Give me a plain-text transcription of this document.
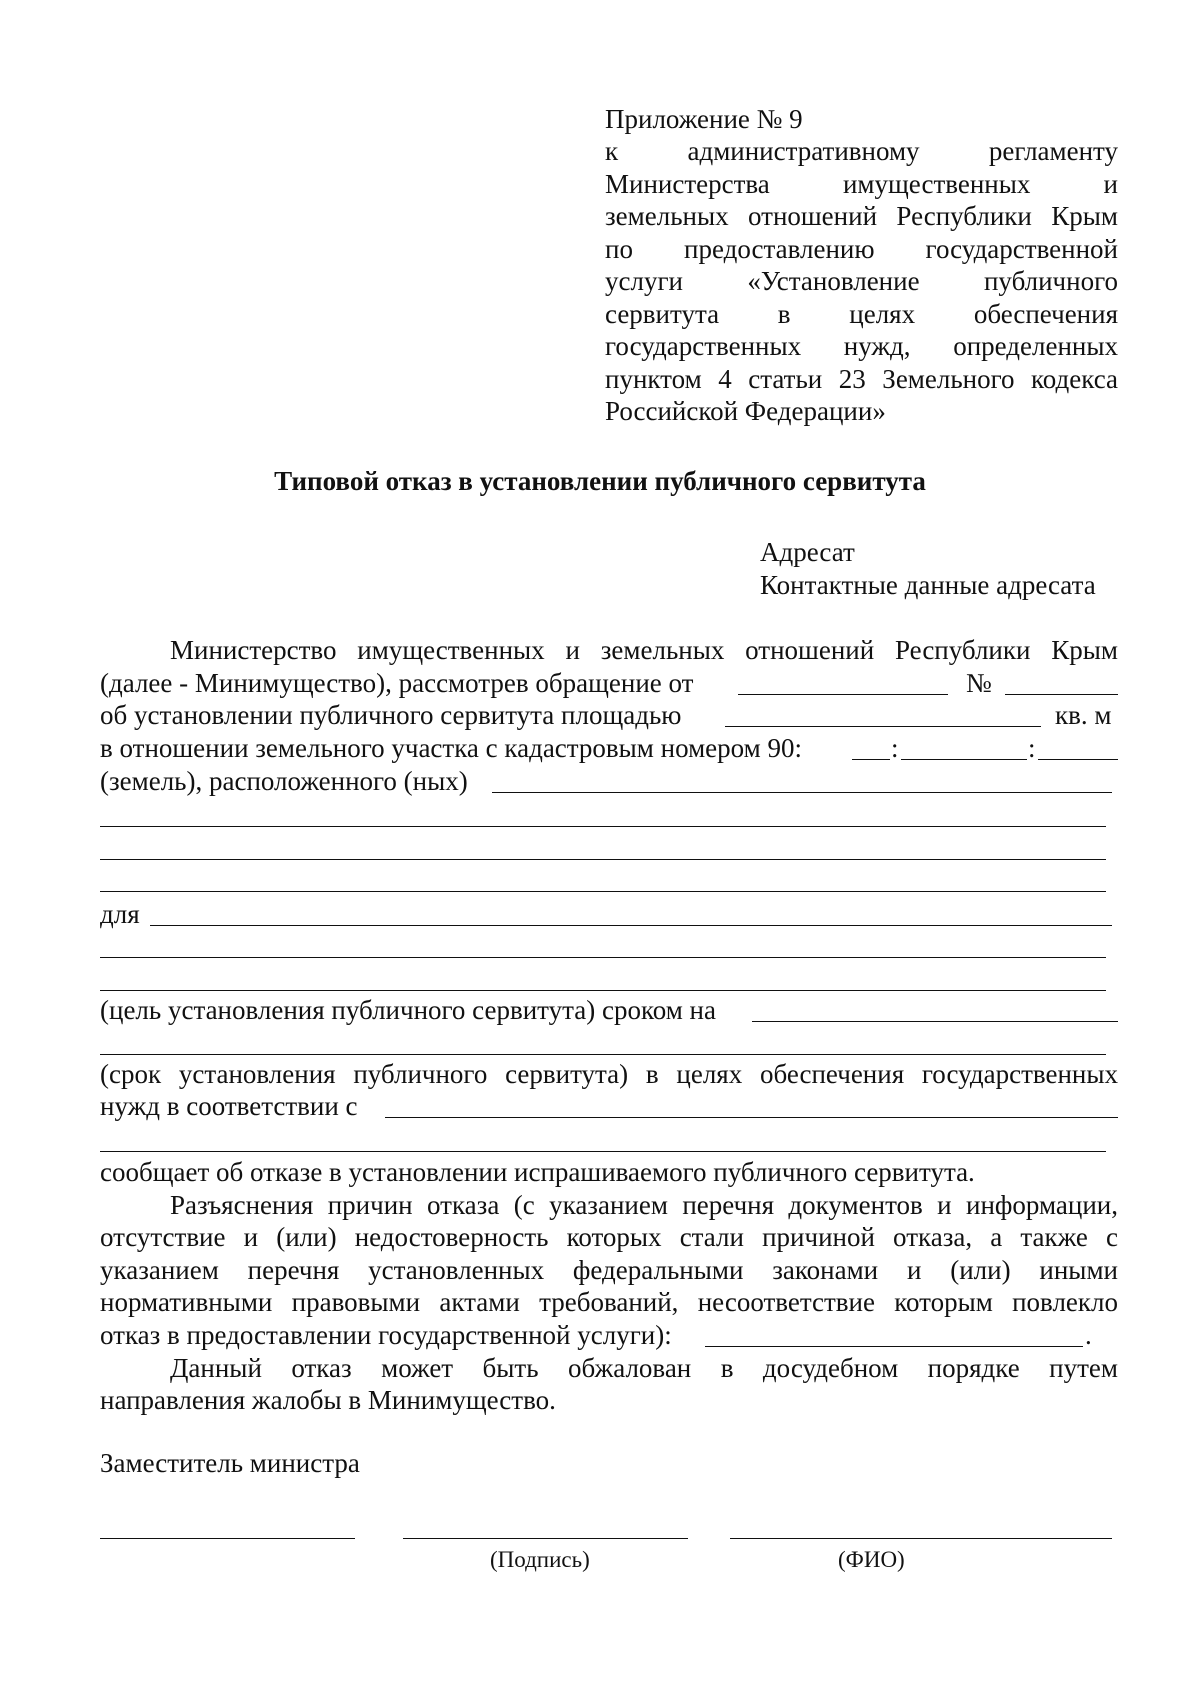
Приложение № 9
к административному регламенту
Министерства имущественных и
земельных отношений Республики Крым
по предоставлению государственной
услуги «Установление публичного
сервитута в целях обеспечения
государственных нужд, определенных
пунктом 4 статьи 23 Земельного кодекса
Российской Федерации»
Типовой отказ в установлении публичного сервитута
Адресат
Контактные данные адресата
Министерство имущественных и земельных отношений Республики Крым
(далее - Минимущество), рассмотрев обращение от	№
об установлении публичного сервитута площадью	кв. м
в отношении земельного участка с кадастровым номером 90:	:	:
(земель), расположенного (ных)
для
(цель установления публичного сервитута) сроком на
(срок установления публичного сервитута) в целях обеспечения государственных
нужд в соответствии с
сообщает об отказе в установлении испрашиваемого публичного сервитута.
Разъяснения причин отказа (с указанием перечня документов и информации,
отсутствие и (или) недостоверность которых стали причиной отказа, а также с
указанием перечня установленных федеральными законами и (или) иными
нормативными правовыми актами требований, несоответствие которым повлекло
отказ в предоставлении государственной услуги):	.
Данный отказ может быть обжалован в досудебном порядке путем
направления жалобы в Минимущество.
Заместитель министра
(Подпись)	(ФИО)
